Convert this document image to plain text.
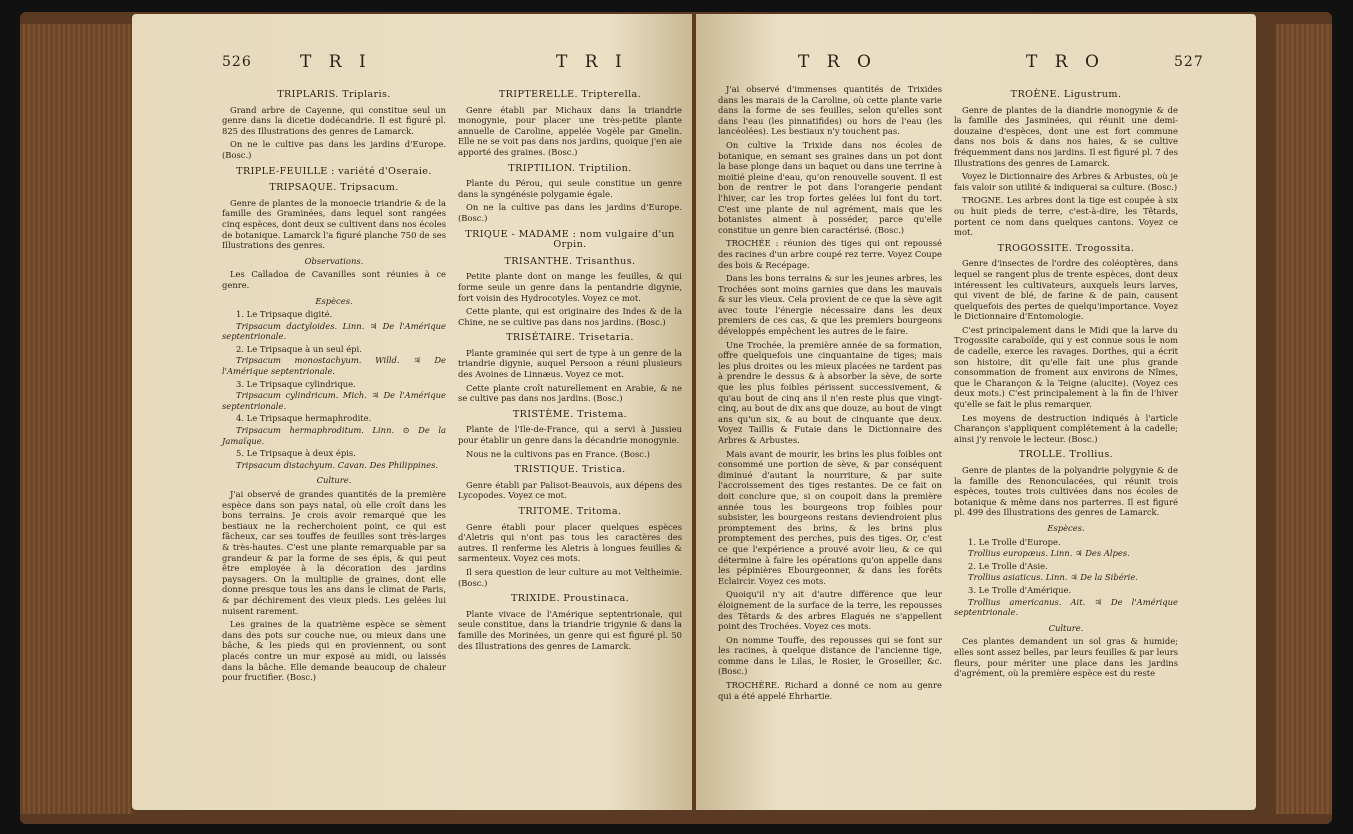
526	T R I	T R I

TRIPLARIS. Triplaris.

Grand arbre de Cayenne, qui constitue seul un genre dans la dicetie dodécandrie. Il est figuré pl. 825 des Illustrations des genres de Lamarck.

On ne le cultive pas dans les jardins d'Europe. (Bosc.)

TRIPLE-FEUILLE : variété d'Oseraie.

TRIPSAQUE. Tripsacum.

Genre de plantes de la monoecie triandrie & de la famille des Graminées, dans lequel sont rangées cinq espèces, dont deux se cultivent dans nos écoles de botanique. Lamarck l'a figuré planche 750 de ses Illustrations des genres.

Observations.

Les Calladoa de Cavanilles sont réunies à ce genre.

Espèces.

1. Le Tripsaque digité.

Tripsacum dactyloides. Linn. ♃ De l'Amérique septentrionale.

2. Le Tripsaque à un seul épi.

Tripsacum monostachyum. Willd. ♃ De l'Amérique septentrionale.

3. Le Tripsaque cylindrique.

Tripsacum cylindricum. Mich. ♃ De l'Amérique septentrionale.

4. Le Tripsaque hermaphrodite.

Tripsacum hermaphroditum. Linn. ⊙ De la Jamaïque.

5. Le Tripsaque à deux épis.

Tripsacum distachyum. Cavan. Des Philippines.

Culture.

J'ai observé de grandes quantités de la première espèce dans son pays natal, où elle croît dans les bons terrains. Je crois avoir remarqué que les bestiaux ne la recherchoient point, ce qui est fâcheux, car ses touffes de feuilles sont très-larges & très-hautes. C'est une plante remarquable par sa grandeur & par la forme de ses épis, & qui peut être employée à la décoration des jardins paysagers. On la multiplie de graines, dont elle donne presque tous les ans dans le climat de Paris, & par déchirement des vieux pieds. Les gelées lui nuisent rarement.

Les graines de la quatrième espèce se sèment dans des pots sur couche nue, ou mieux dans une bâche, & les pieds qui en proviennent, ou sont placés contre un mur exposé au midi, ou laissés dans la bâche. Elle demande beaucoup de chaleur pour fructifier. (Bosc.)

TRIPTERELLE. Tripterella.

Genre établi par Michaux dans la triandrie monogynie, pour placer une très-petite plante annuelle de Caroline, appelée Vogèle par Gmelin. Elle ne se voit pas dans nos jardins, quoique j'en aie apporté des graines. (Bosc.)

TRIPTILION. Triptilion.

Plante du Pérou, qui seule constitue un genre dans la syngénésie polygamie égale.

On ne la cultive pas dans les jardins d'Europe. (Bosc.)

TRIQUE - MADAME : nom vulgaire d'un Orpin.

TRISANTHE. Trisanthus.

Petite plante dont on mange les feuilles, & qui forme seule un genre dans la pentandrie digynie, fort voisin des Hydrocotyles. Voyez ce mot.

Cette plante, qui est originaire des Indes & de la Chine, ne se cultive pas dans nos jardins. (Bosc.)

TRISÉTAIRE. Trisetaria.

Plante graminée qui sert de type à un genre de la triandrie digynie, auquel Persoon a réuni plusieurs des Avoines de Linnæus. Voyez ce mot.

Cette plante croît naturellement en Arabie, & ne se cultive pas dans nos jardins. (Bosc.)

TRISTÈME. Tristema.

Plante de l'Ile-de-France, qui a servi à Jussieu pour établir un genre dans la décandrie monogynie.

Nous ne la cultivons pas en France. (Bosc.)

TRISTIQUE. Tristica.

Genre établi par Palisot-Beauvois, aux dépens des Lycopodes. Voyez ce mot.

TRITOME. Tritoma.

Genre établi pour placer quelques espèces d'Aletris qui n'ont pas tous les caractères des autres. Il renferme les Aletris à longues feuilles & sarmenteux. Voyez ces mots.

Il sera question de leur culture au mot Veltheimie. (Bosc.)

TRIXIDE. Proustinaca.

Plante vivace de l'Amérique septentrionale, qui seule constitue, dans la triandrie trigynie & dans la famille des Morinées, un genre qui est figuré pl. 50 des Illustrations des genres de Lamarck.

T R O	T R O	527

J'ai observé d'immenses quantités de Trixides dans les marais de la Caroline, où cette plante varie dans la forme de ses feuilles, selon qu'elles sont dans l'eau (les pinnatifides) ou hors de l'eau (les lancéolées). Les bestiaux n'y touchent pas.

On cultive la Trixide dans nos écoles de botanique, en semant ses graines dans un pot dont la base plonge dans un baquet ou dans une terrine à moitié pleine d'eau, qu'on renouvelle souvent. Il est bon de rentrer le pot dans l'orangerie pendant l'hiver, car les trop fortes gelées lui font du tort. C'est une plante de nul agrément, mais que les botanistes aiment à posséder, parce qu'elle constitue un genre bien caractérisé. (Bosc.)

TROCHÉE : réunion des tiges qui ont repoussé des racines d'un arbre coupé rez terre. Voyez Coupe des bois & Recépage.

Dans les bons terrains & sur les jeunes arbres, les Trochées sont moins garnies que dans les mauvais & sur les vieux. Cela provient de ce que la sève agit avec toute l'énergie nécessaire dans les deux premiers de ces cas, & que les premiers bourgeons développés empêchent les autres de le faire.

Une Trochée, la première année de sa formation, offre quelquefois une cinquantaine de tiges; mais les plus droites ou les mieux placées ne tardent pas à prendre le dessus & à absorber la sève, de sorte que les plus foibles périssent successivement, & qu'au bout de cinq ans il n'en reste plus que vingt-cinq, au bout de dix ans que douze, au bout de vingt ans qu'un six, & au bout de cinquante que deux. Voyez Taillis & Futaie dans le Dictionnaire des Arbres & Arbustes.

Mais avant de mourir, les brins les plus foibles ont consommé une portion de sève, & par conséquent diminué d'autant la nourriture, & par suite l'accroissement des tiges restantes. De ce fait on doit conclure que, si on coupoit dans la première année tous les bourgeons trop foibles pour subsister, les bourgeons restans deviendroient plus promptement des brins, & les brins plus promptement des perches, puis des tiges. Or, c'est ce que l'expérience a prouvé avoir lieu, & ce qui détermine à faire les opérations qu'on appelle dans les pépinières Ebourgeonner, & dans les forêts Eclaircir. Voyez ces mots.

Quoiqu'il n'y ait d'autre différence que leur éloignement de la surface de la terre, les repousses des Têtards & des arbres Elagués ne s'appellent point des Trochées. Voyez ces mots.

On nomme Touffe, des repousses qui se font sur les racines, à quelque distance de l'ancienne tige, comme dans le Lilas, le Rosier, le Groseiller, &c. (Bosc.)

TROCHÈRE. Richard a donné ce nom au genre qui a été appelé Ehrhartie.

TROÈNE. Ligustrum.

Genre de plantes de la diandrie monogynie & de la famille des Jasminées, qui réunit une demi-douzaine d'espèces, dont une est fort commune dans nos bois & dans nos haies, & se cultive fréquemment dans nos jardins. Il est figuré pl. 7 des Illustrations des genres de Lamarck.

Voyez le Dictionnaire des Arbres & Arbustes, où je fais valoir son utilité & indiquerai sa culture. (Bosc.)

TROGNE. Les arbres dont la tige est coupée à six ou huit pieds de terre, c'est-à-dire, les Têtards, portent ce nom dans quelques cantons. Voyez ce mot.

TROGOSSITE. Trogossita.

Genre d'insectes de l'ordre des coléoptères, dans lequel se rangent plus de trente espèces, dont deux intéressent les cultivateurs, auxquels leurs larves, qui vivent de blé, de farine & de pain, causent quelquefois des pertes de quelqu'importance. Voyez le Dictionnaire d'Entomologie.

C'est principalement dans le Midi que la larve du Trogossite caraboïde, qui y est connue sous le nom de cadelle, exerce les ravages. Dorthes, qui a écrit son histoire, dit qu'elle fait une plus grande consommation de froment aux environs de Nîmes, que le Charançon & la Teigne (alucite). (Voyez ces deux mots.) C'est principalement à la fin de l'hiver qu'elle se fait le plus remarquer.

Les moyens de destruction indiqués à l'article Charançon s'appliquent complétement à la cadelle; ainsi j'y renvoie le lecteur. (Bosc.)

TROLLE. Trollius.

Genre de plantes de la polyandrie polygynie & de la famille des Renonculacées, qui réunit trois espèces, toutes trois cultivées dans nos écoles de botanique & même dans nos parterres. Il est figuré pl. 499 des Illustrations des genres de Lamarck.

Espèces.

1. Le Trolle d'Europe.

Trollius europæus. Linn. ♃ Des Alpes.

2. Le Trolle d'Asie.

Trollius asiaticus. Linn. ♃ De la Sibérie.

3. Le Trolle d'Amérique.

Trollius americanus. Ait. ♃ De l'Amérique septentrionale.

Culture.

Ces plantes demandent un sol gras & humide; elles sont assez belles, par leurs feuilles & par leurs fleurs, pour mériter une place dans les jardins d'agrément, où la première espèce est du reste
